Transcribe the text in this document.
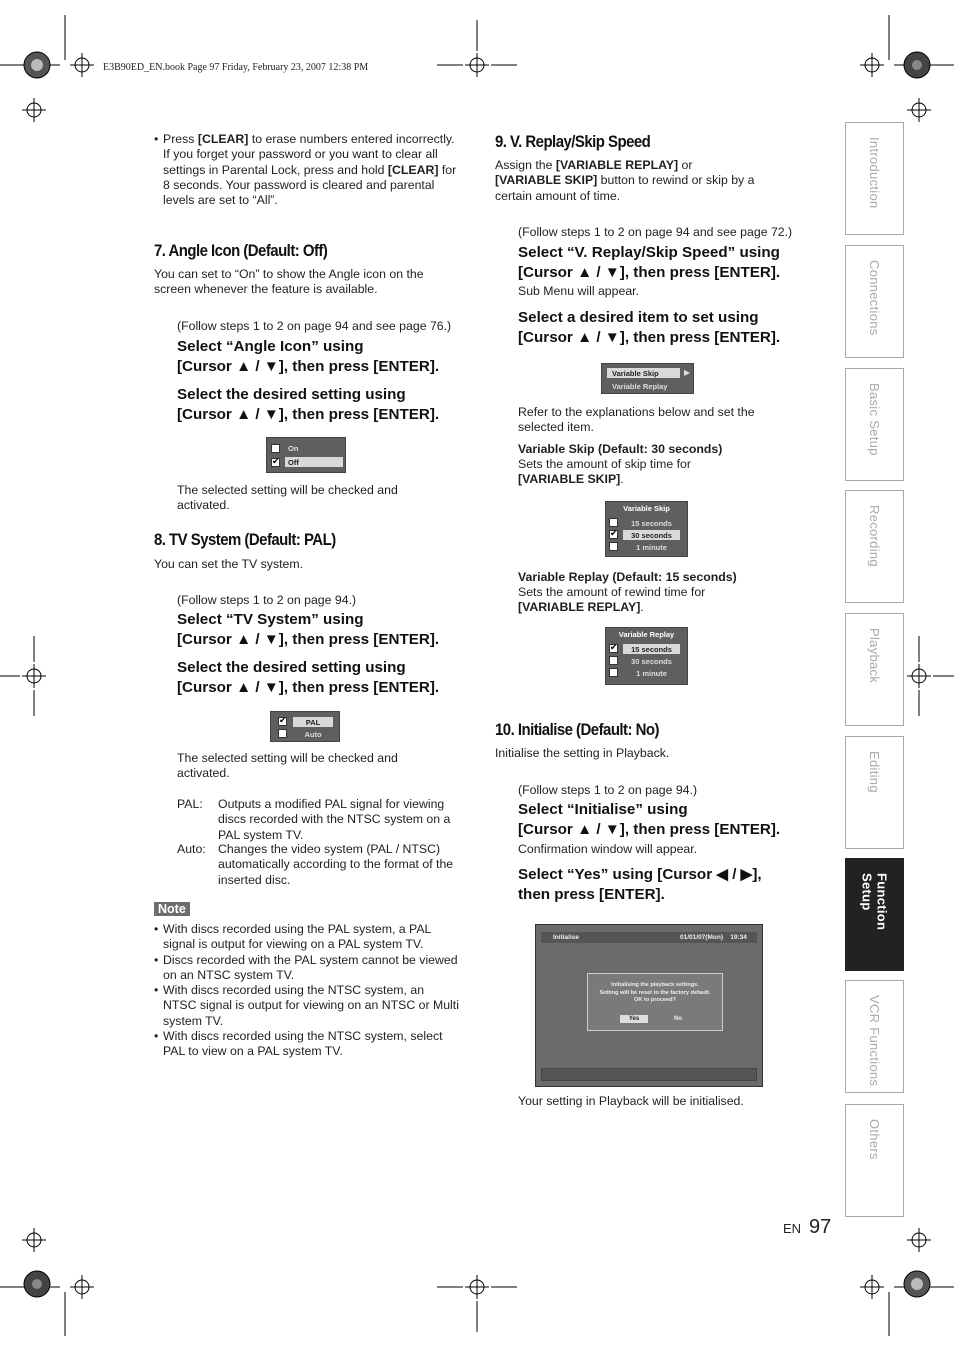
E3B90ED_EN.book Page 97 Friday, February 23, 2007 12:38 PM
• Press [CLEAR] to erase numbers entered incorrectly.
If you forget your password or you want to clear all settings in Parental Lock, press and hold [CLEAR] for 8 seconds. Your password is cleared and parental levels are set to “All”.
7. Angle Icon (Default: Off)
You can set to “On” to show the Angle icon on the screen whenever the feature is available.
(Follow steps 1 to 2 on page 94 and see page 76.)
Select “Angle Icon” using
[Cursor ▲ / ▼], then press [ENTER].
Select the desired setting using
[Cursor ▲ / ▼], then press [ENTER].
On
✔
Off
The selected setting will be checked and activated.
8. TV System (Default: PAL)
You can set the TV system.
(Follow steps 1 to 2 on page 94.)
Select “TV System” using
[Cursor ▲ / ▼], then press [ENTER].
Select the desired setting using
[Cursor ▲ / ▼], then press [ENTER].
✔
PAL
Auto
The selected setting will be checked and activated.
PAL:	Outputs a modified PAL signal for viewing discs recorded with the NTSC system on a PAL system TV.
Auto: Changes the video system (PAL / NTSC) automatically according to the format of the inserted disc.
Note
• With discs recorded using the PAL system, a PAL signal is output for viewing on a PAL system TV.
• Discs recorded with the PAL system cannot be viewed on an NTSC system TV.
• With discs recorded using the NTSC system, an NTSC signal is output for viewing on an NTSC or Multi system TV.
• With discs recorded using the NTSC system, select PAL to view on a PAL system TV.
9. V. Replay/Skip Speed
Assign the [VARIABLE REPLAY] or
[VARIABLE SKIP] button to rewind or skip by a certain amount of time.
(Follow steps 1 to 2 on page 94 and see page 72.)
Select “V. Replay/Skip Speed” using
[Cursor ▲ / ▼], then press [ENTER].
Sub Menu will appear.
Select a desired item to set using
[Cursor ▲ / ▼], then press [ENTER].
Variable Skip	▶
Variable Replay
Refer to the explanations below and set the selected item.
Variable Skip (Default: 30 seconds)
Sets the amount of skip time for
[VARIABLE SKIP].
Variable Skip
15 seconds
✔
30 seconds
1 minute
Variable Replay (Default: 15 seconds)
Sets the amount of rewind time for
[VARIABLE REPLAY].
Variable Replay
✔
15 seconds
30 seconds
1 minute
10. Initialise (Default: No)
Initialise the setting in Playback.
(Follow steps 1 to 2 on page 94.)
Select “Initialise” using
[Cursor ▲ / ▼], then press [ENTER].
Confirmation window will appear.
Select “Yes” using [Cursor ◀ / ▶],
then press [ENTER].
Initialise	01/01/07(Mon)    19:34
Initialising the playback settings.
Setting will be reset to the factory default.
OK to proceed?
Yes	No
Your setting in Playback will be initialised.
Introduction
Connections
Basic Setup
Recording
Playback
Editing
Function Setup
VCR Functions
Others
EN 97
